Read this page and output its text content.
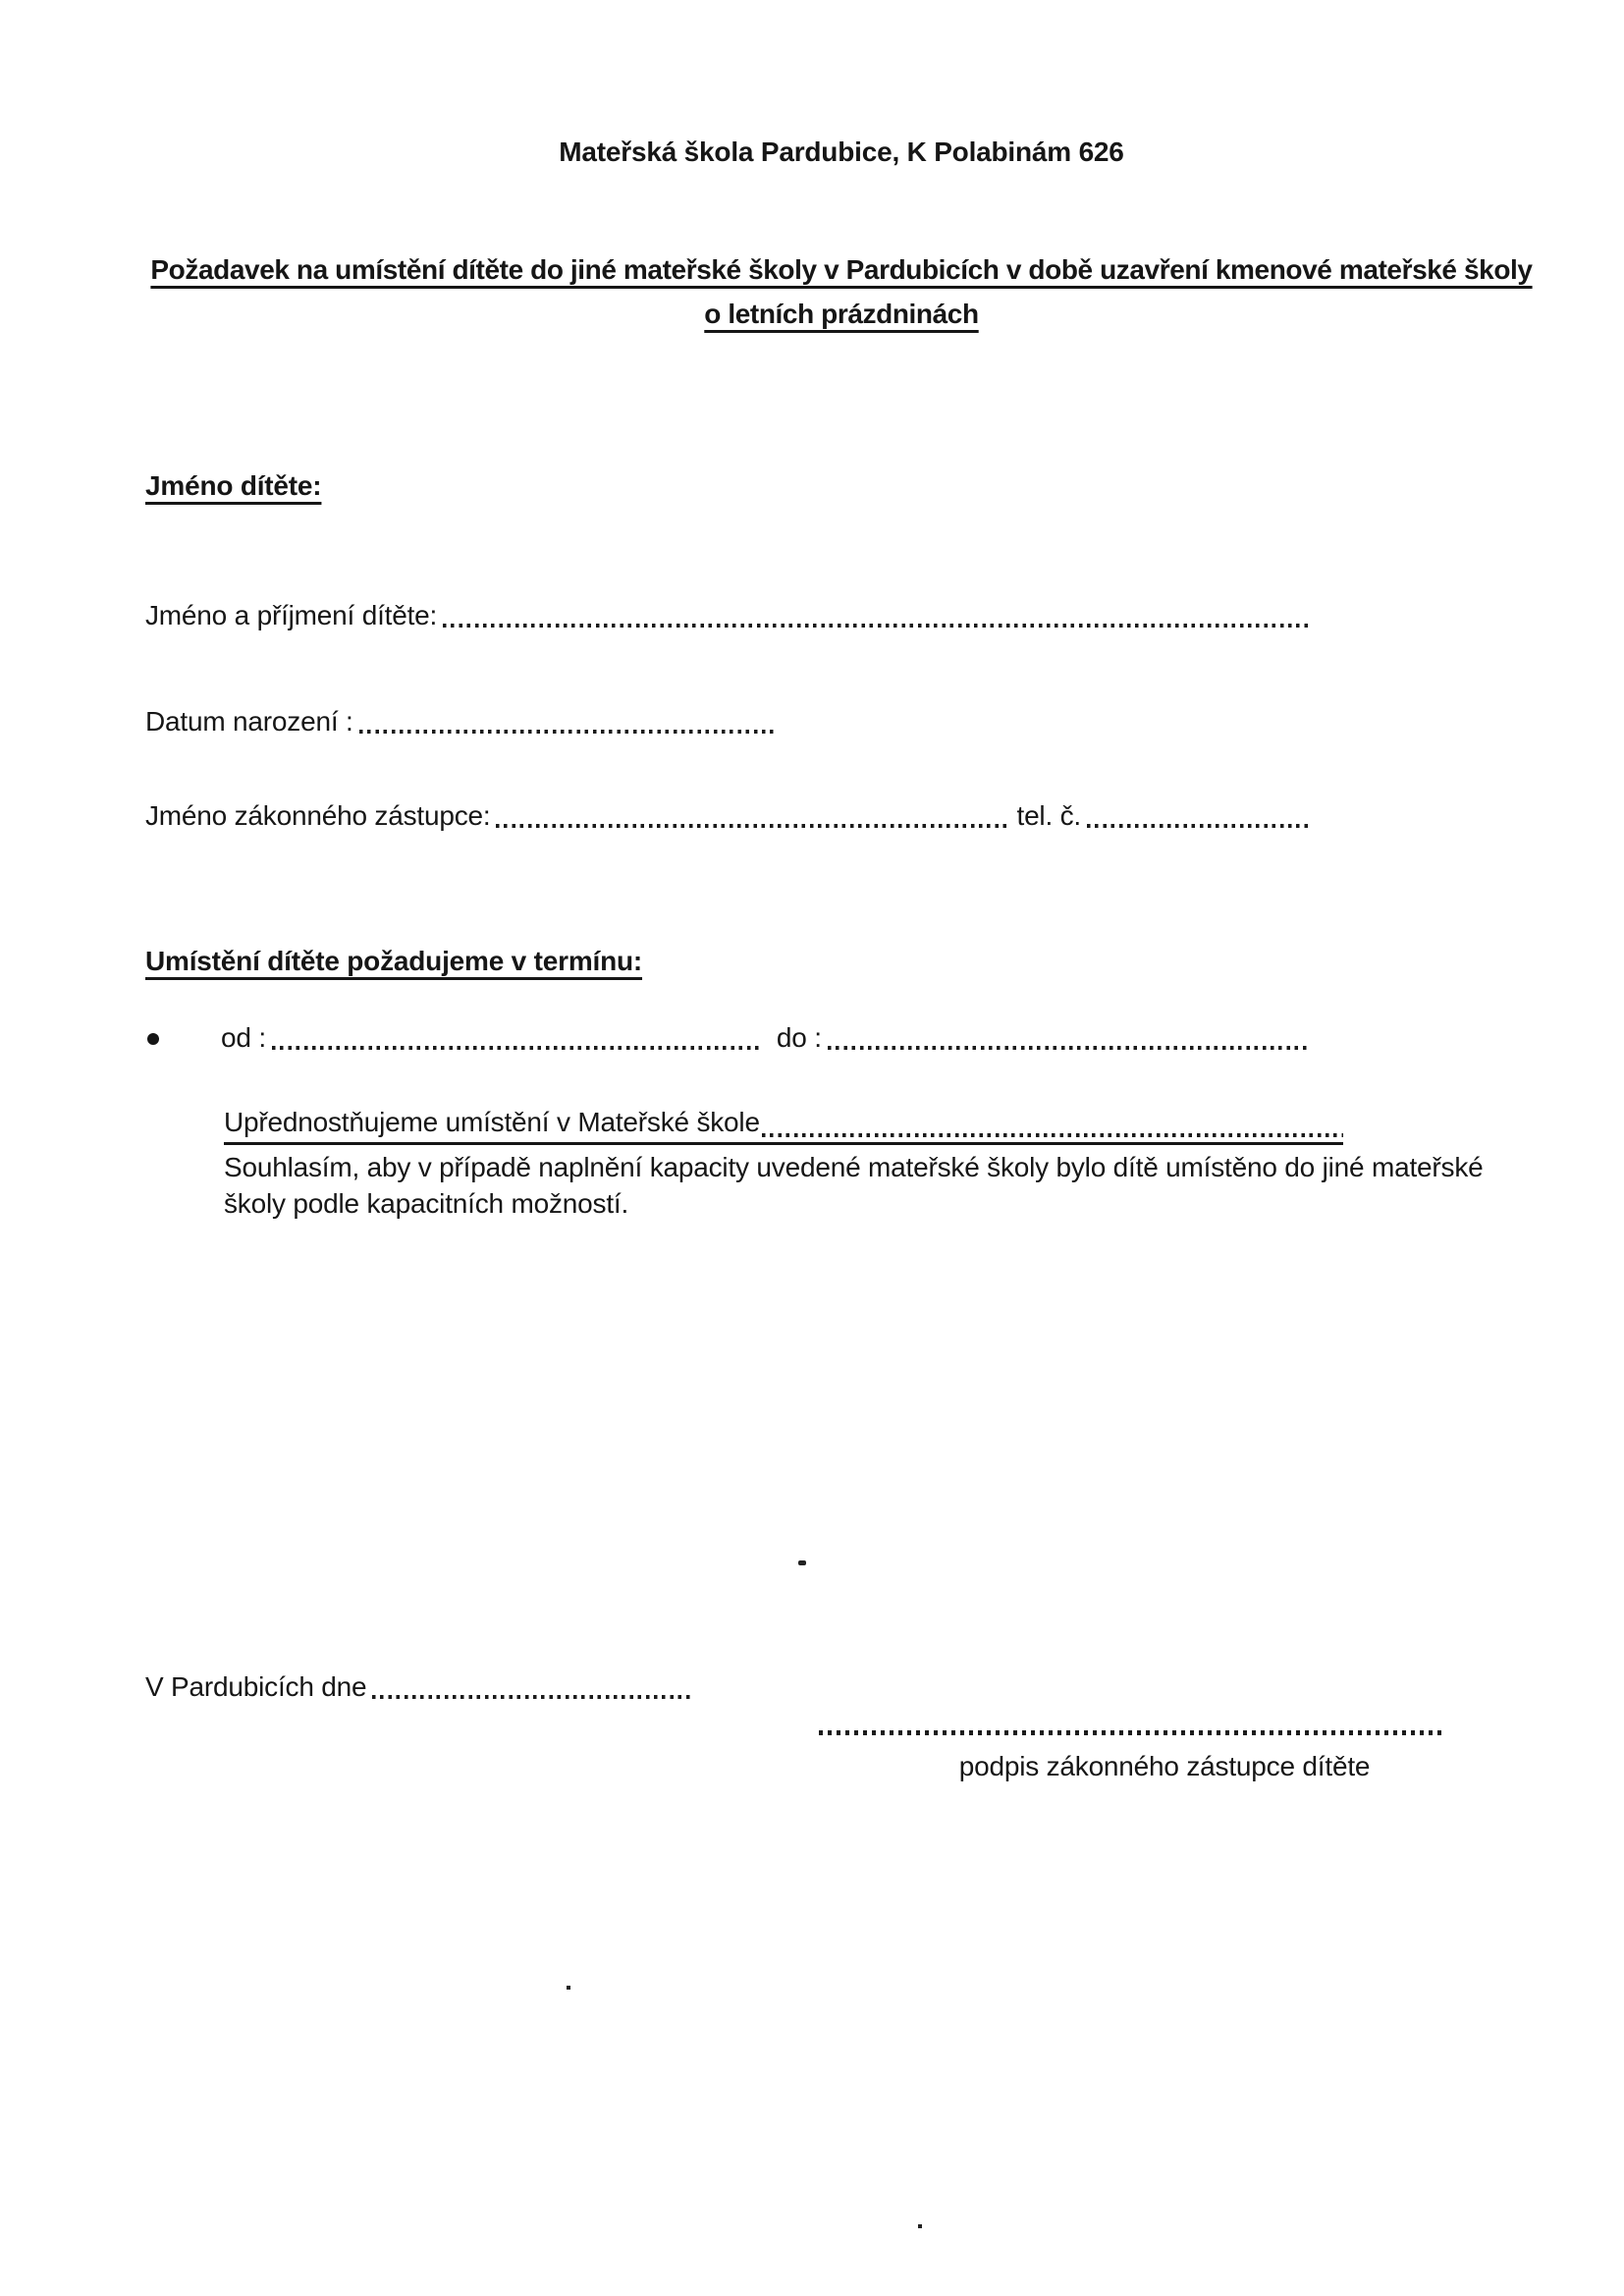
Mateřská škola Pardubice, K Polabinám 626
Požadavek na umístění dítěte do jiné mateřské školy v Pardubicích v době uzavření kmenové mateřské školy
o letních prázdninách
Jméno dítěte:
Jméno a příjmení dítěte:
Datum narození :
Jméno zákonného zástupce:	tel. č.
Umístění dítěte požadujeme v termínu:
od :	do :
Upřednostňujeme umístění v Mateřské škole
Souhlasím, aby v případě naplnění kapacity uvedené mateřské školy bylo dítě umístěno do jiné mateřské
školy podle kapacitních možností.
V Pardubicích dne
podpis zákonného zástupce dítěte
